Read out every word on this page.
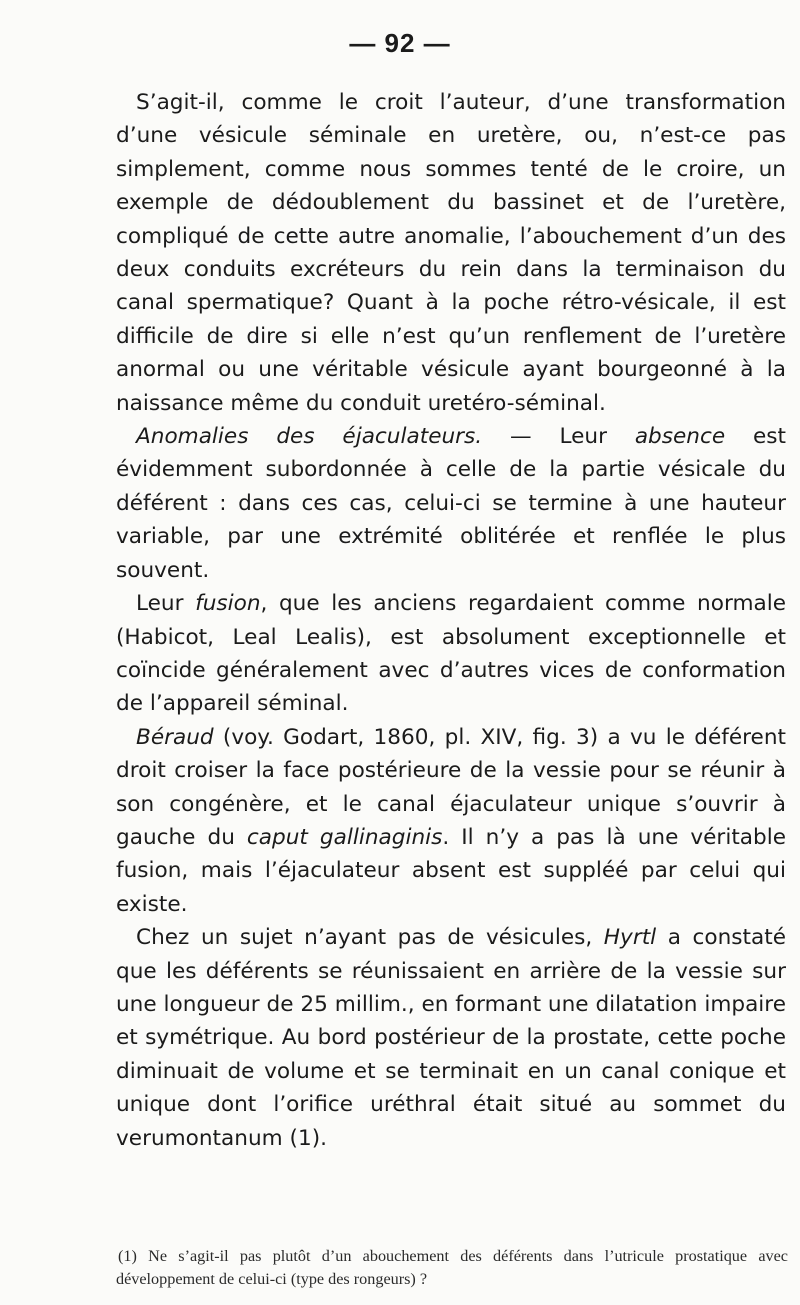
— 92 —

S’agit-il, comme le croit l’auteur, d’une transformation d’une vésicule séminale en uretère, ou, n’est-ce pas simplement, comme nous sommes tenté de le croire, un exemple de dédoublement du bassinet et de l’uretère, compliqué de cette autre anomalie, l’abouchement d’un des deux conduits excréteurs du rein dans la terminaison du canal spermatique? Quant à la poche rétro-vésicale, il est difficile de dire si elle n’est qu’un renflement de l’uretère anormal ou une véritable vésicule ayant bourgeonné à la naissance même du conduit uretéro-séminal.

Anomalies des éjaculateurs. — Leur absence est évidemment subordonnée à celle de la partie vésicale du déférent : dans ces cas, celui-ci se termine à une hauteur variable, par une extrémité oblitérée et renflée le plus souvent.

Leur fusion, que les anciens regardaient comme normale (Habicot, Leal Lealis), est absolument exceptionnelle et coïncide généralement avec d’autres vices de conformation de l’appareil séminal.

Béraud (voy. Godart, 1860, pl. XIV, fig. 3) a vu le déférent droit croiser la face postérieure de la vessie pour se réunir à son congénère, et le canal éjaculateur unique s’ouvrir à gauche du caput gallinaginis. Il n’y a pas là une véritable fusion, mais l’éjaculateur absent est suppléé par celui qui existe.

Chez un sujet n’ayant pas de vésicules, Hyrtl a constaté que les déférents se réunissaient en arrière de la vessie sur une longueur de 25 millim., en formant une dilatation impaire et symétrique. Au bord postérieur de la prostate, cette poche diminuait de volume et se terminait en un canal conique et unique dont l’orifice uréthral était situé au sommet du verumontanum (1).

(1) Ne s’agit-il pas plutôt d’un abouchement des déférents dans l’utricule prostatique avec développement de celui-ci (type des rongeurs) ?
